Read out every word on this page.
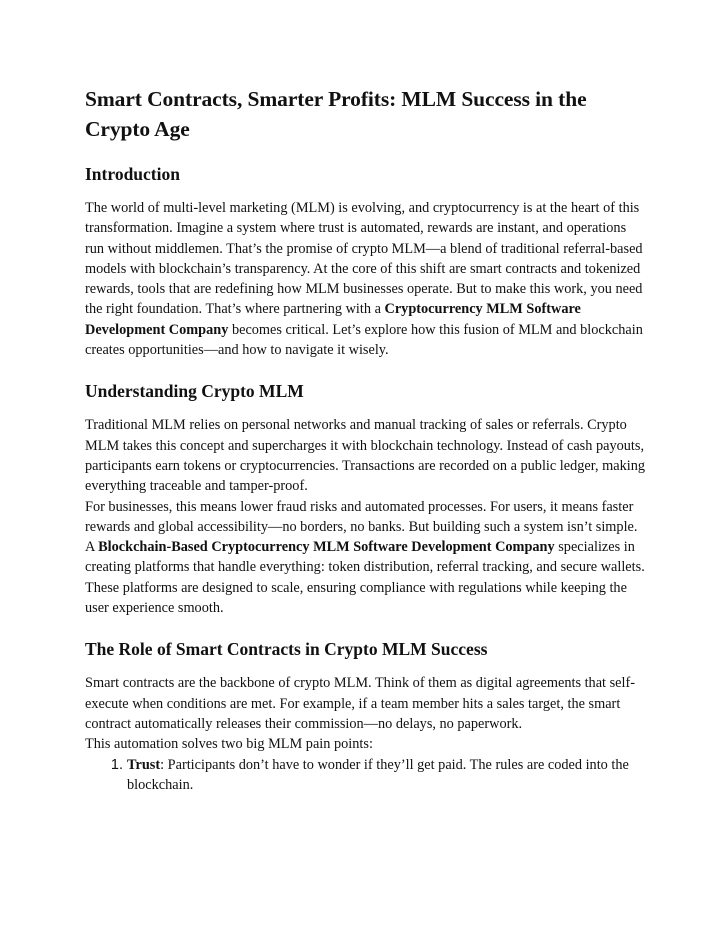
Smart Contracts, Smarter Profits: MLM Success in the Crypto Age
Introduction

The world of multi-level marketing (MLM) is evolving, and cryptocurrency is at the heart of this transformation. Imagine a system where trust is automated, rewards are instant, and operations run without middlemen. That’s the promise of crypto MLM—a blend of traditional referral-based models with blockchain’s transparency. At the core of this shift are smart contracts and tokenized rewards, tools that are redefining how MLM businesses operate. But to make this work, you need the right foundation. That’s where partnering with a Cryptocurrency MLM Software Development Company becomes critical. Let’s explore how this fusion of MLM and blockchain creates opportunities—and how to navigate it wisely.

Understanding Crypto MLM

Traditional MLM relies on personal networks and manual tracking of sales or referrals. Crypto MLM takes this concept and supercharges it with blockchain technology. Instead of cash payouts, participants earn tokens or cryptocurrencies. Transactions are recorded on a public ledger, making everything traceable and tamper-proof.

For businesses, this means lower fraud risks and automated processes. For users, it means faster rewards and global accessibility—no borders, no banks. But building such a system isn’t simple. A Blockchain-Based Cryptocurrency MLM Software Development Company specializes in creating platforms that handle everything: token distribution, referral tracking, and secure wallets. These platforms are designed to scale, ensuring compliance with regulations while keeping the user experience smooth.

The Role of Smart Contracts in Crypto MLM Success

Smart contracts are the backbone of crypto MLM. Think of them as digital agreements that self-execute when conditions are met. For example, if a team member hits a sales target, the smart contract automatically releases their commission—no delays, no paperwork.

This automation solves two big MLM pain points:

1. Trust: Participants don’t have to wonder if they’ll get paid. The rules are coded into the blockchain.
